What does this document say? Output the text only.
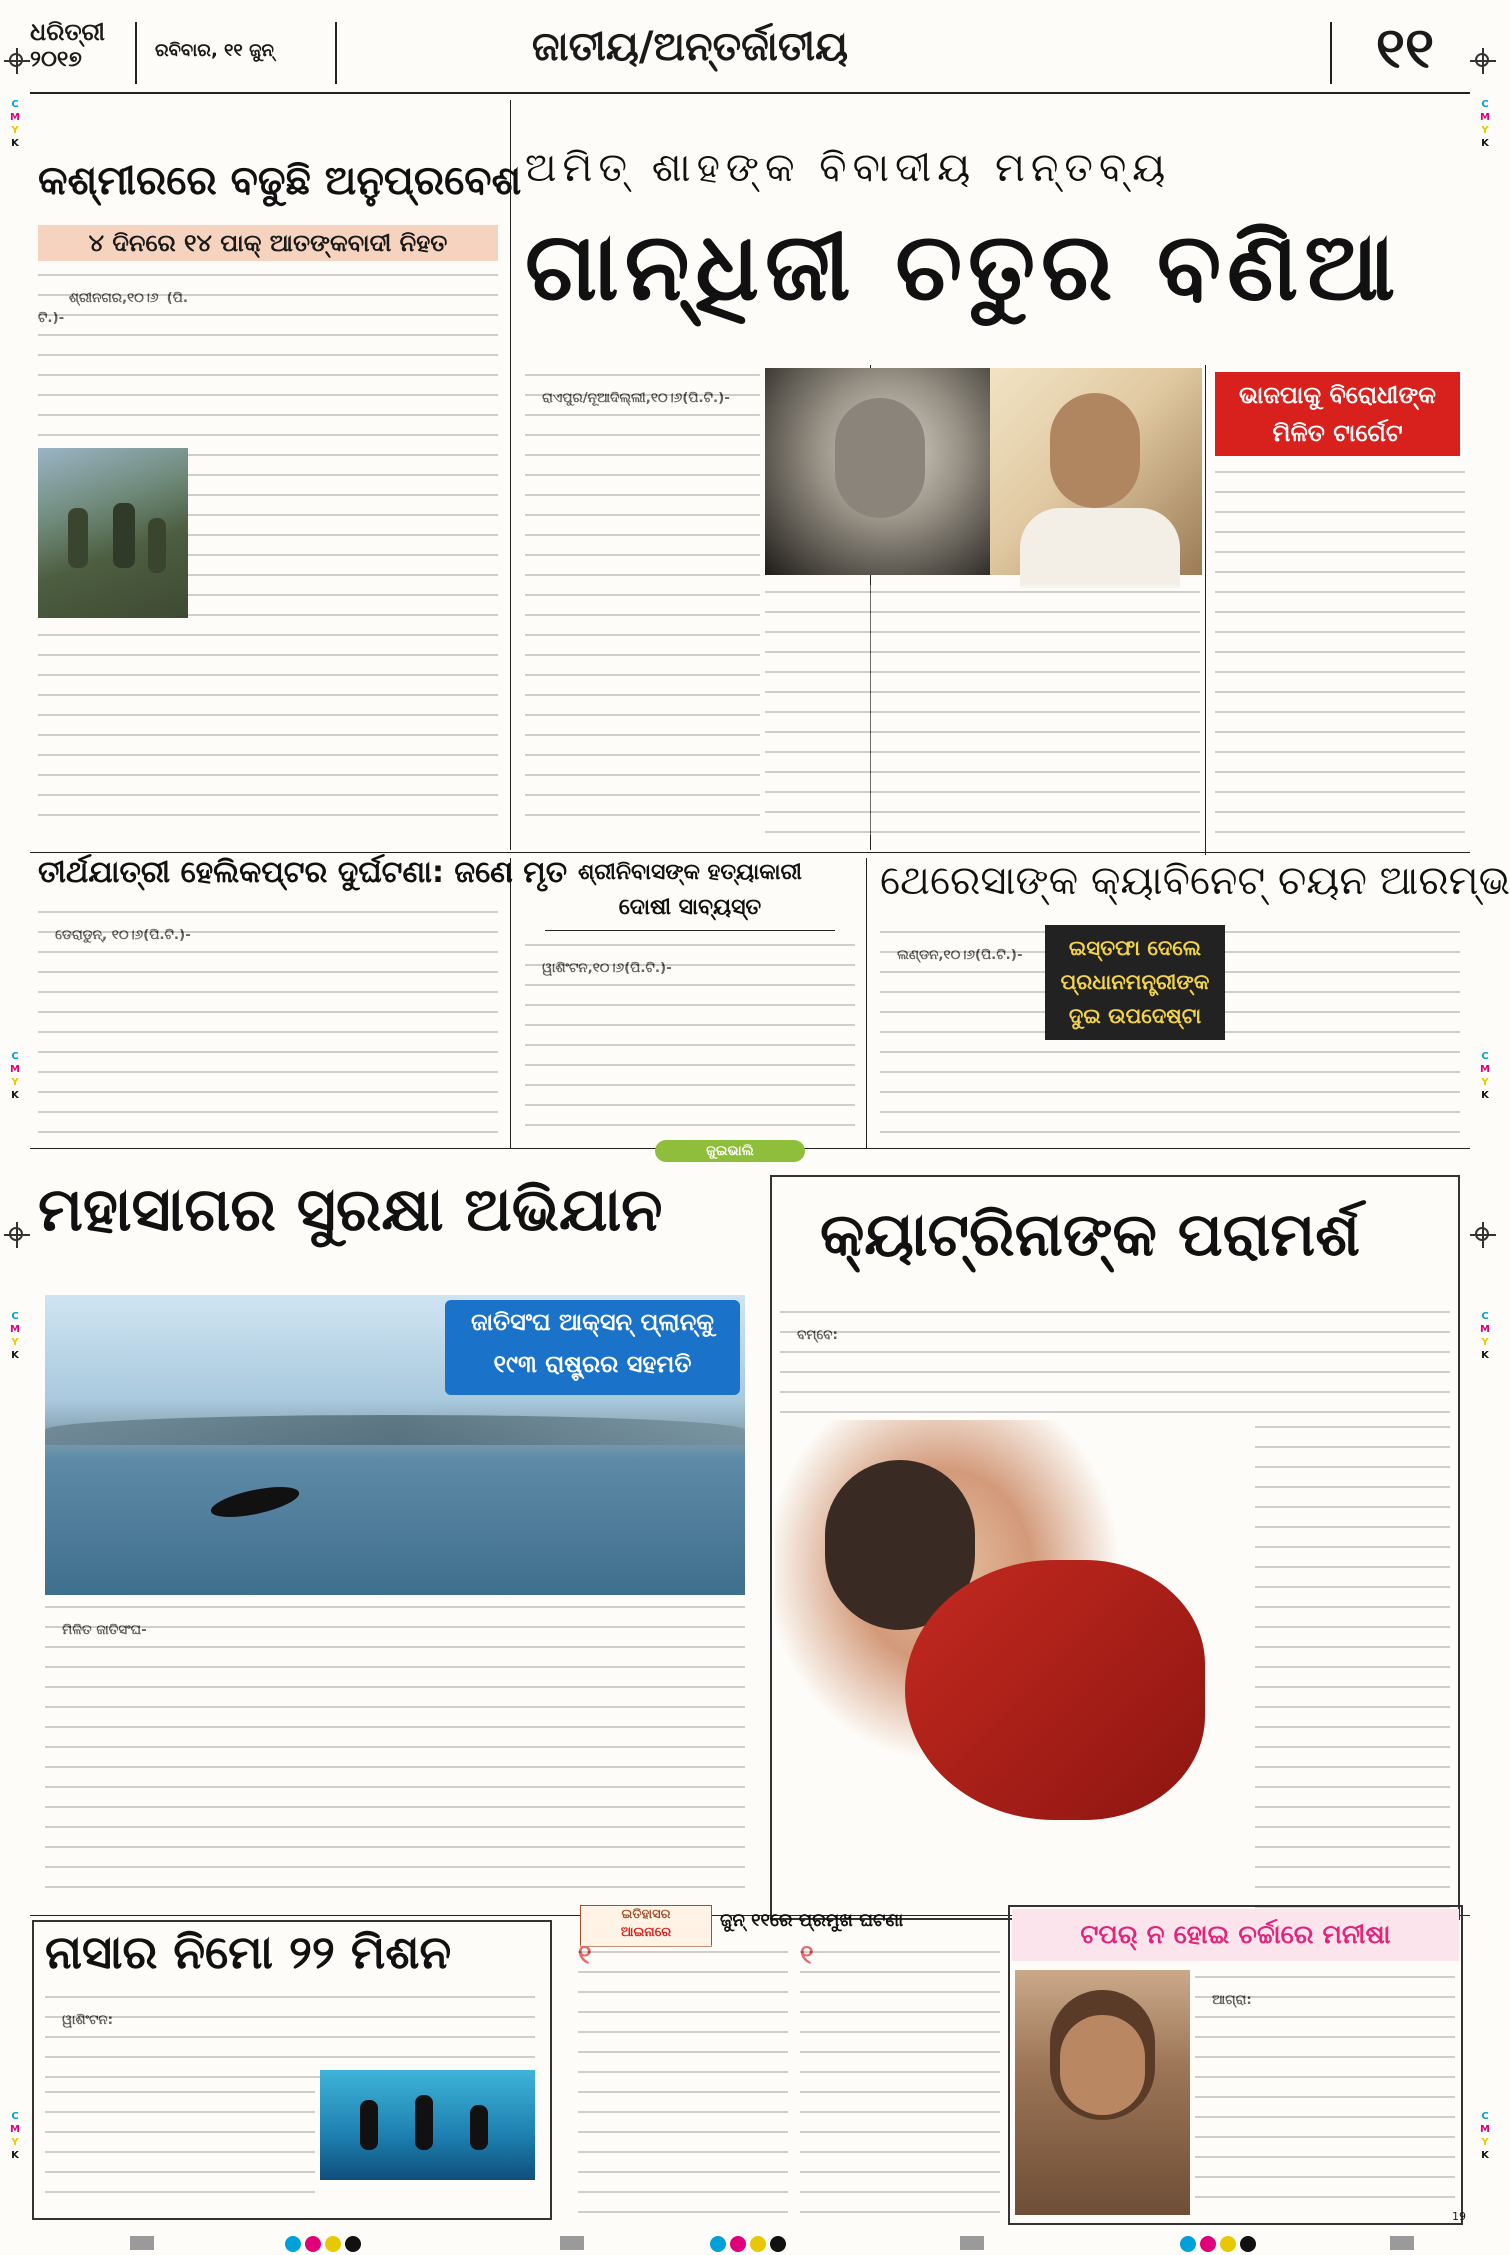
ଧରିତ୍ରୀ
୨୦୧୭	ରବିବାର, ୧୧ ଜୁନ୍	ଜାତୀୟ/ଅନ୍ତର୍ଜାତୀୟ	୧୧
କଶ୍ମୀରରେ ବଢୁଛି ଅନୁପ୍ରବେଶ
୪ ଦିନରେ ୧୪ ପାକ୍ ଆତଙ୍କବାଦୀ ନିହତ

ଶ୍ରୀନଗର,୧୦।୬ (ପି.ଟି.)-

ଅମିତ୍ ଶାହଙ୍କ ବିବାଦୀୟ ମନ୍ତବ୍ୟ
ଗାନ୍ଧିଜୀ ଚତୁର ବଣିଆ
ଭାଜପାକୁ ବିରୋଧୀଙ୍କ ମିଳିତ ଟାର୍ଗେଟ

ରାଏପୁର/ନୂଆଦିଲ୍ଲୀ,୧୦।୬(ପି.ଟି.)-

ତୀର୍ଥଯାତ୍ରୀ ହେଲିକପ୍ଟର ଦୁର୍ଘଟଣା: ଜଣେ ମୃତ

ଡେରାଡୁନ୍, ୧୦।୬(ପି.ଟି.)-

ଶ୍ରୀନିବାସଙ୍କ ହତ୍ୟାକାରୀ
ଦୋଷୀ ସାବ୍ୟସ୍ତ

ୱାଶିଂଟନ,୧୦।୬(ପି.ଟି.)-

ଥେରେସାଙ୍କ କ୍ୟାବିନେଟ୍ ଚୟନ ଆରମ୍ଭ

ଲଣ୍ଡନ,୧୦।୬(ପି.ଟି.)-
	ଇସ୍ତଫା ଦେଲେ ପ୍ରଧାନମନ୍ତ୍ରୀଙ୍କ ଦୁଇ ଉପଦେଷ୍ଟା
ଜୁଇଭାଲି
ମହାସାଗର ସୁରକ୍ଷା ଅଭିଯାନ
ଜାତିସଂଘ ଆକ୍ସନ୍ ପ୍ଲାନ୍‌କୁ
୧୯୩ ରାଷ୍ଟ୍ରର ସହମତି

ମିଳିତ ଜାତିସଂଘ-

କ୍ୟାଟ୍ରିନାଙ୍କ ପରାମର୍ଶ

ବମ୍ବେ:

ନାସାର ନିମୋ ୨୨ ମିଶନ

ୱାଶିଂଟନ:

ଇତିହାସର
ଆଇନାରେ
ଜୁନ୍ ୧୧ରେ ପ୍ରମୁଖ ଘଟଣା
୧	୧
ଟପର୍ ନ ହୋଇ ଚର୍ଚ୍ଚାରେ ମନୀଷା

ଆଗ୍ରା:

C
M
Y
K
C
M
Y
K
C
M
Y
K
C
M
Y
K
C
M
Y
K
C
M
Y
K
C
M
Y
K
C
M
Y
K
19
